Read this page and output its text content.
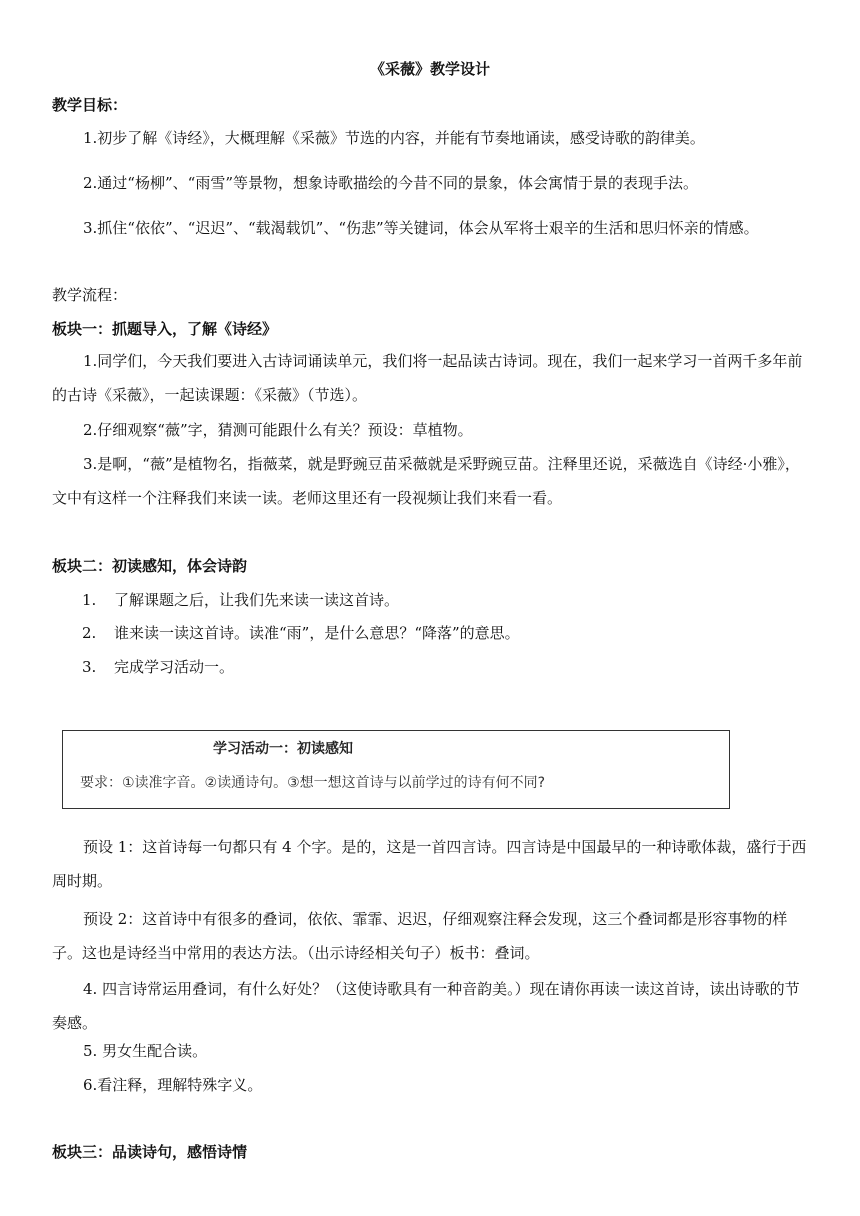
《采薇》教学设计

教学目标：

1.初步了解《诗经》，大概理解《采薇》节选的内容，并能有节奏地诵读，感受诗歌的韵律美。

2.通过“杨柳”、“雨雪”等景物，想象诗歌描绘的今昔不同的景象，体会寓情于景的表现手法。

3.抓住“依依”、“迟迟”、“载渴载饥”、“伤悲”等关键词，体会从军将士艰辛的生活和思归怀亲的情感。

教学流程：

板块一：抓题导入，了解《诗经》

1.同学们，今天我们要进入古诗词诵读单元，我们将一起品读古诗词。现在，我们一起来学习一首两千多年前的古诗《采薇》，一起读课题：《采薇》（节选）。

2.仔细观察“薇”字，猜测可能跟什么有关？预设：草植物。

3.是啊，“薇”是植物名，指薇菜，就是野豌豆苗采薇就是采野豌豆苗。注释里还说，采薇选自《诗经·小雅》，文中有这样一个注释我们来读一读。老师这里还有一段视频让我们来看一看。

板块二：初读感知，体会诗韵

1. 了解课题之后，让我们先来读一读这首诗。

2. 谁来读一读这首诗。读准“雨”，是什么意思？“降落”的意思。

3. 完成学习活动一。

学习活动一：初读感知
要求：①读准字音。②读通诗句。③想一想这首诗与以前学过的诗有何不同?

预设 1：这首诗每一句都只有 4 个字。是的，这是一首四言诗。四言诗是中国最早的一种诗歌体裁，盛行于西周时期。

预设 2：这首诗中有很多的叠词，依依、霏霏、迟迟，仔细观察注释会发现，这三个叠词都是形容事物的样子。这也是诗经当中常用的表达方法。（出示诗经相关句子）板书：叠词。

4. 四言诗常运用叠词，有什么好处？（这使诗歌具有一种音韵美。）现在请你再读一读这首诗，读出诗歌的节奏感。

5. 男女生配合读。

6.看注释，理解特殊字义。

板块三：品读诗句，感悟诗情
